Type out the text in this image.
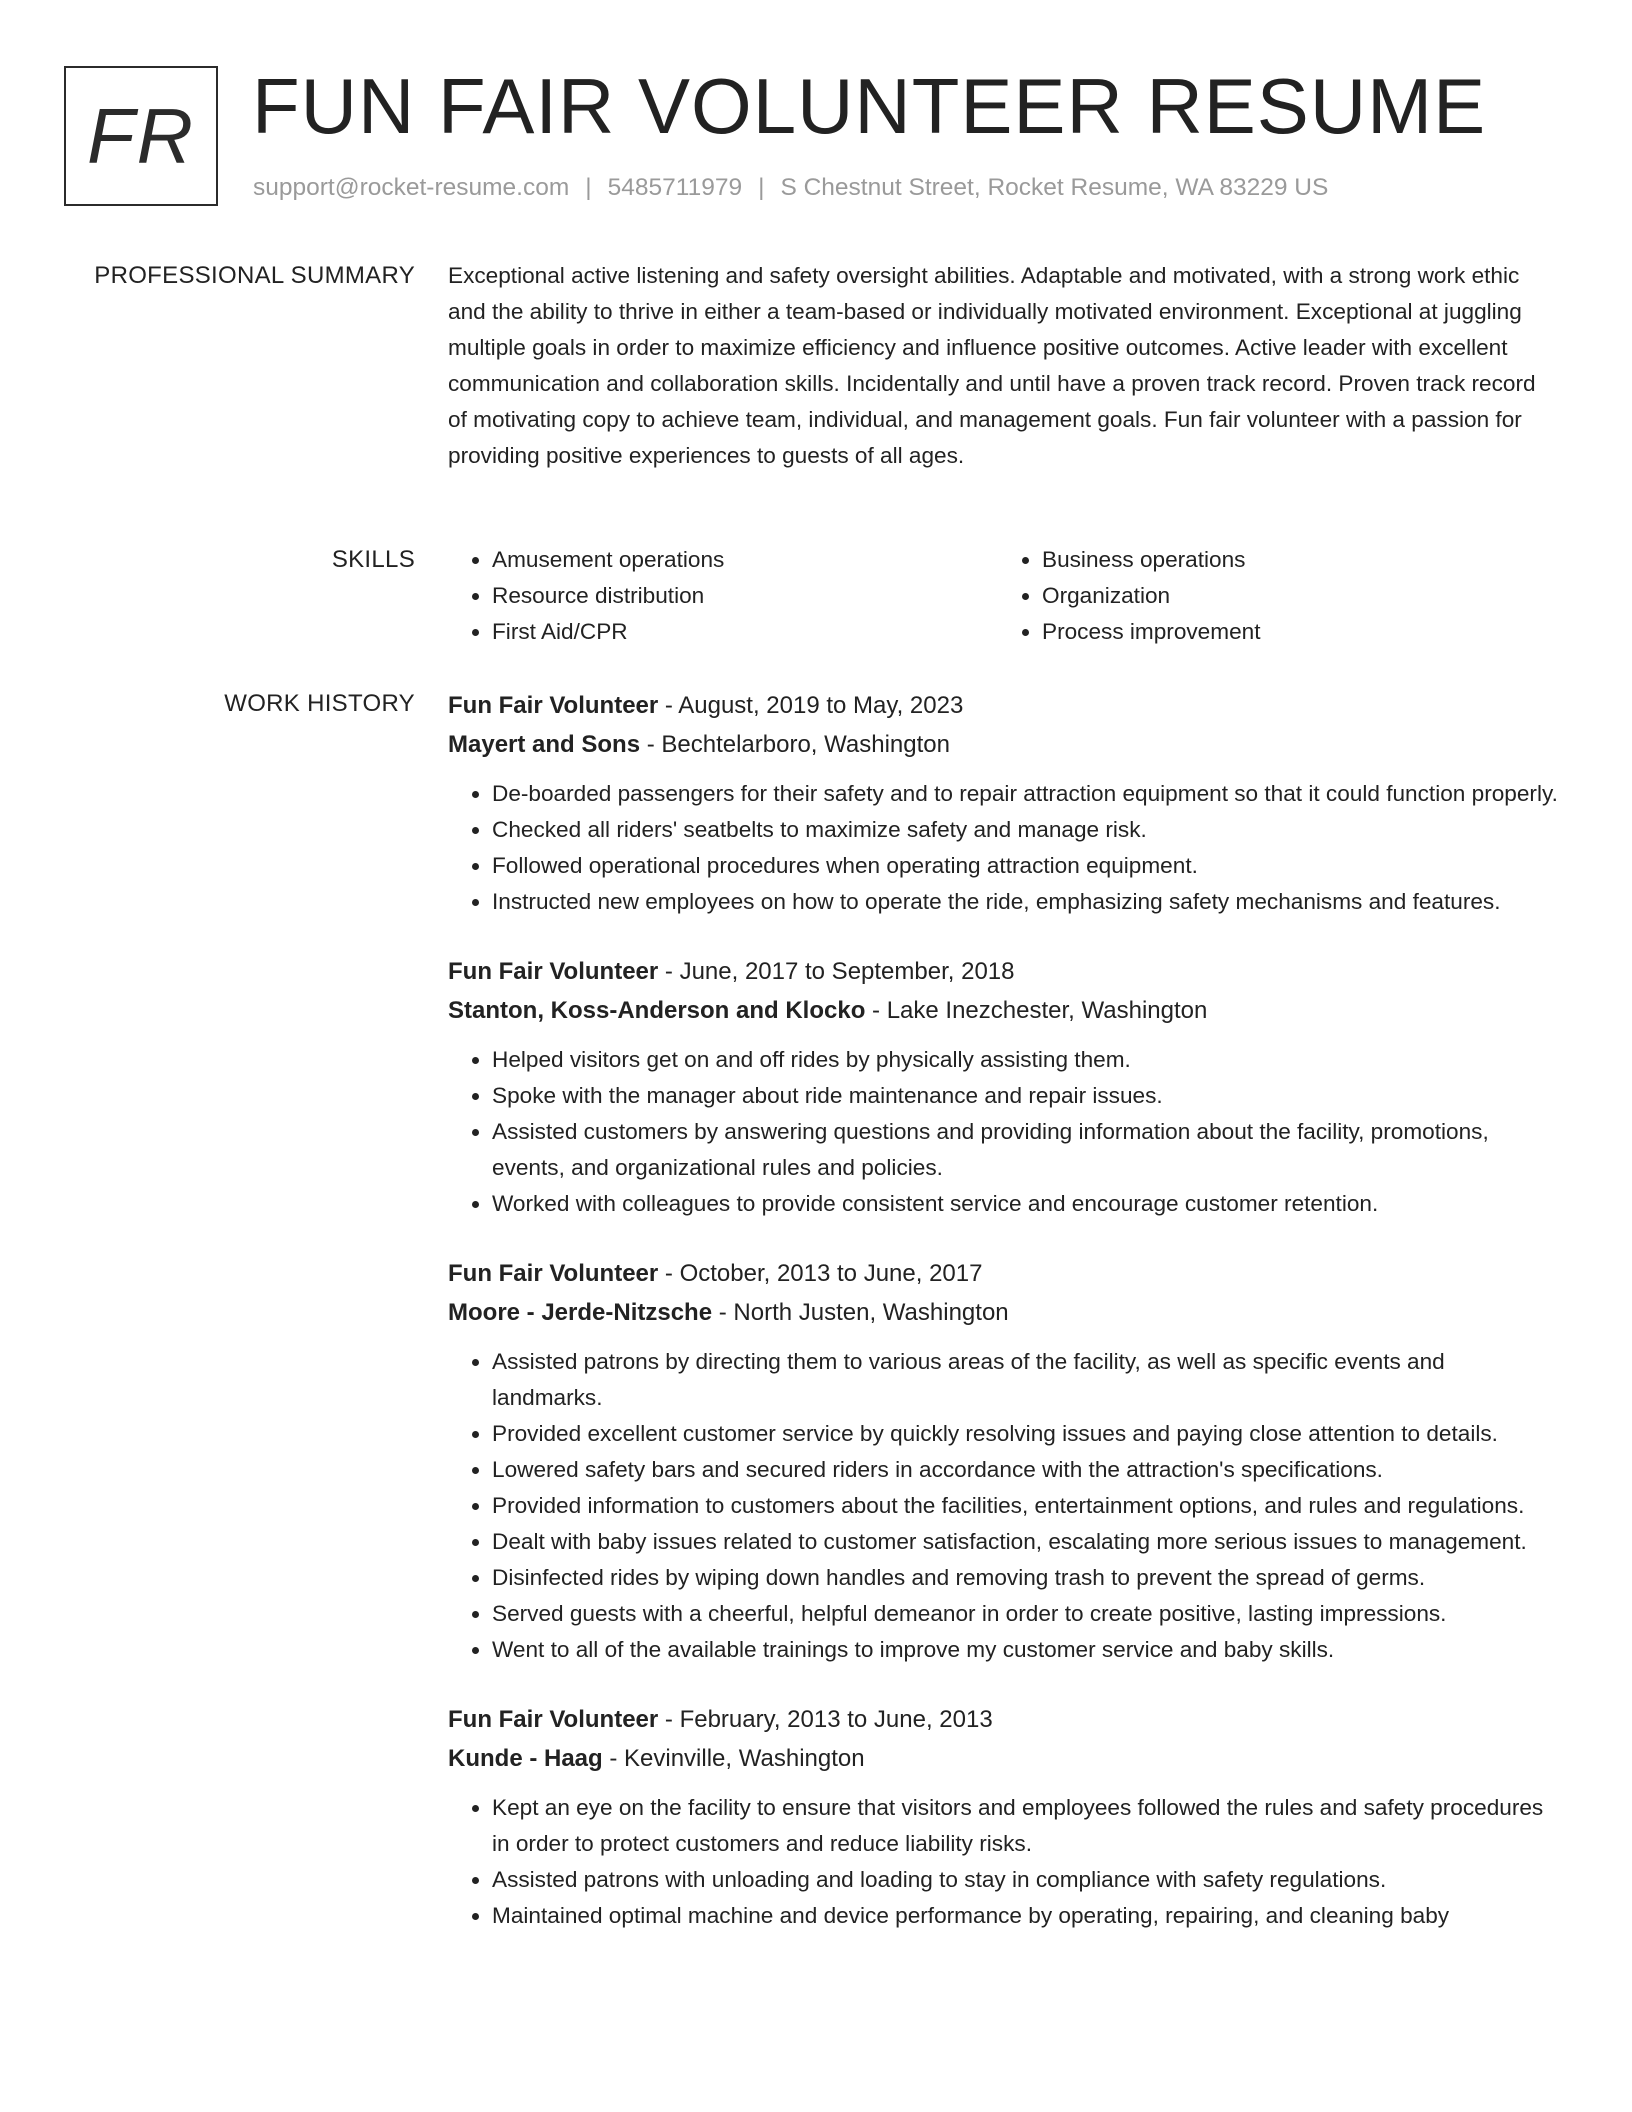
FR FUN FAIR VOLUNTEER RESUME
support@rocket-resume.com | 5485711979 | S Chestnut Street, Rocket Resume, WA 83229 US
PROFESSIONAL SUMMARY Exceptional active listening and safety oversight abilities. Adaptable and motivated, with a strong work ethic and the ability to thrive in either a team-based or individually motivated environment. Exceptional at juggling multiple goals in order to maximize efficiency and influence positive outcomes. Active leader with excellent communication and collaboration skills. Incidentally and until have a proven track record. Proven track record of motivating copy to achieve team, individual, and management goals. Fun fair volunteer with a passion for providing positive experiences to guests of all ages.
SKILLS
•	Amusement operations
• Resource distribution
• First Aid/CPR
• Business operations
• Organization
• Process improvement
WORK HISTORY Fun Fair Volunteer - August, 2019 to May, 2023
Mayert and Sons - Bechtelarboro, Washington
• De-boarded passengers for their safety and to repair attraction equipment so that it could function properly.
• Checked all riders' seatbelts to maximize safety and manage risk.
• Followed operational procedures when operating attraction equipment.
• Instructed new employees on how to operate the ride, emphasizing safety mechanisms and features.
Fun Fair Volunteer - June, 2017 to September, 2018
Stanton, Koss-Anderson and Klocko - Lake Inezchester, Washington
• Helped visitors get on and off rides by physically assisting them.
• Spoke with the manager about ride maintenance and repair issues.
• Assisted customers by answering questions and providing information about the facility, promotions, events, and organizational rules and policies.
• Worked with colleagues to provide consistent service and encourage customer retention.
Fun Fair Volunteer - October, 2013 to June, 2017
Moore - Jerde-Nitzsche - North Justen, Washington
• Assisted patrons by directing them to various areas of the facility, as well as specific events and landmarks.
• Provided excellent customer service by quickly resolving issues and paying close attention to details.
• Lowered safety bars and secured riders in accordance with the attraction's specifications.
• Provided information to customers about the facilities, entertainment options, and rules and regulations.
• Dealt with baby issues related to customer satisfaction, escalating more serious issues to management.
• Disinfected rides by wiping down handles and removing trash to prevent the spread of germs.
• Served guests with a cheerful, helpful demeanor in order to create positive, lasting impressions.
• Went to all of the available trainings to improve my customer service and baby skills.
Fun Fair Volunteer - February, 2013 to June, 2013
Kunde - Haag - Kevinville, Washington
• Kept an eye on the facility to ensure that visitors and employees followed the rules and safety procedures in order to protect customers and reduce liability risks.
• Assisted patrons with unloading and loading to stay in compliance with safety regulations.
• Maintained optimal machine and device performance by operating, repairing, and cleaning baby
